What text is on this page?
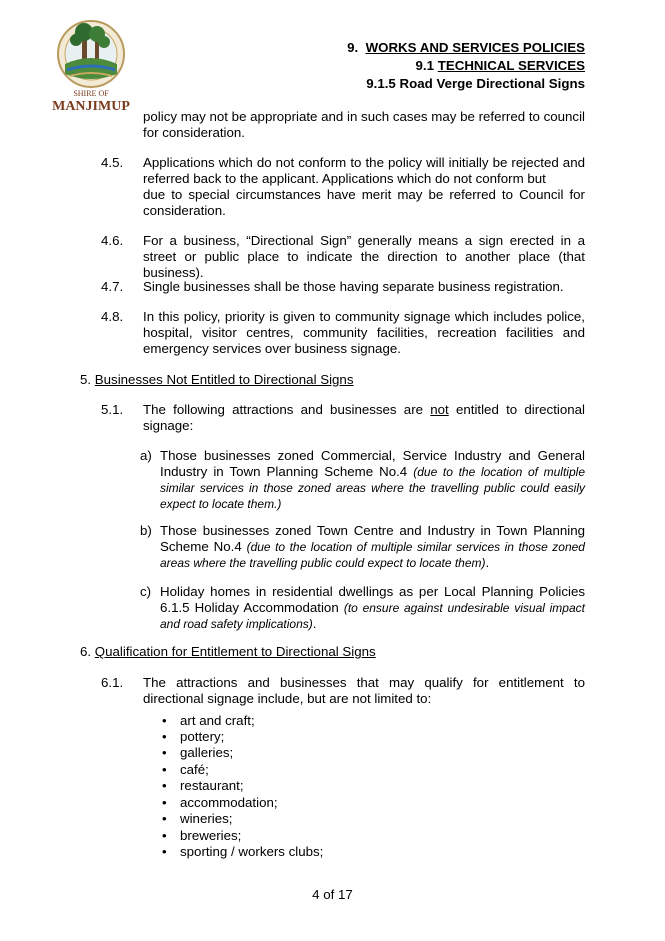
SHIRE OF
MANJIMUP
9. WORKS AND SERVICES POLICIES
9.1 TECHNICAL SERVICES
9.1.5 Road Verge Directional Signs
policy may not be appropriate and in such cases may be referred to council for consideration.
4.5. Applications which do not conform to the policy will initially be rejected and referred back to the applicant. Applications which do not conform but
due to special circumstances have merit may be referred to Council for consideration.
4.6. For a business, “Directional Sign” generally means a sign erected in a street or public place to indicate the direction to another place (that business).
4.7. Single businesses shall be those having separate business registration.
4.8. In this policy, priority is given to community signage which includes police, hospital, visitor centres, community facilities, recreation facilities and emergency services over business signage.
5. Businesses Not Entitled to Directional Signs
5.1. The following attractions and businesses are not entitled to directional signage:
a) Those businesses zoned Commercial, Service Industry and General Industry in Town Planning Scheme No.4 (due to the location of multiple similar services in those zoned areas where the travelling public could easily expect to locate them.)
b) Those businesses zoned Town Centre and Industry in Town Planning Scheme No.4 (due to the location of multiple similar services in those zoned areas where the travelling public could expect to locate them).
c) Holiday homes in residential dwellings as per Local Planning Policies 6.1.5 Holiday Accommodation (to ensure against undesirable visual impact and road safety implications).
6. Qualification for Entitlement to Directional Signs
6.1. The attractions and businesses that may qualify for entitlement to directional signage include, but are not limited to:
• art and craft;
• pottery;
• galleries;
• café;
• restaurant;
• accommodation;
• wineries;
• breweries;
• sporting / workers clubs;
4 of 17
